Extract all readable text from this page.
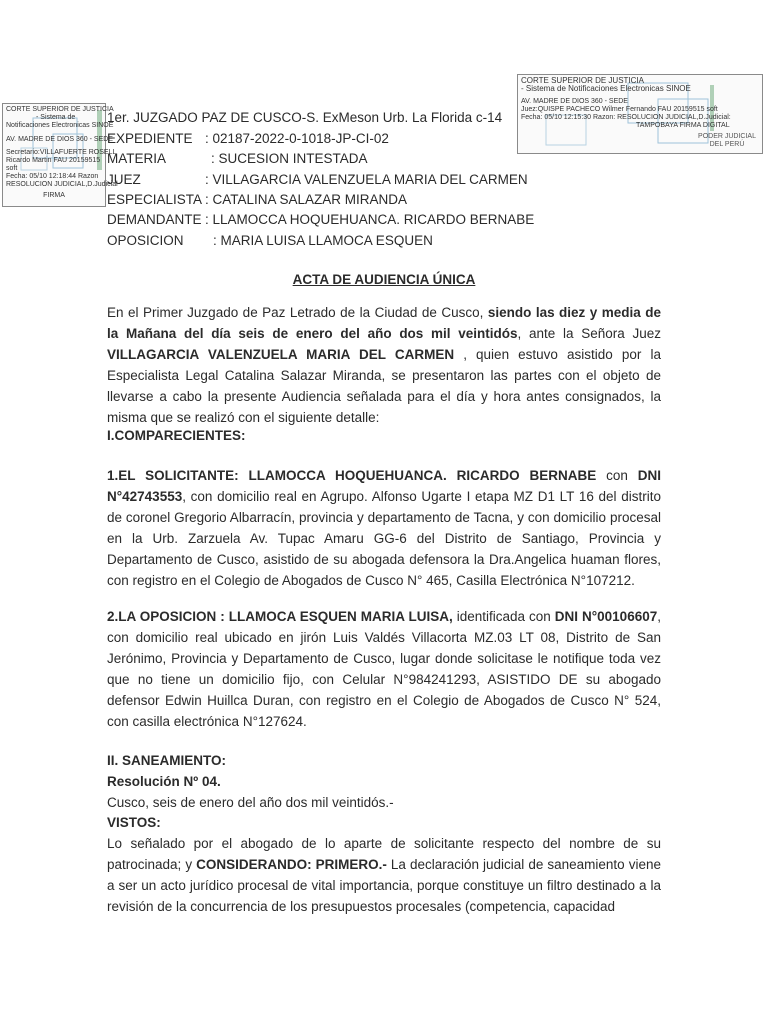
CORTE SUPERIOR DE JUSTICIA
- Sistema de
Notificaciones Electronicas SINOE
AV. MADRE DE DIOS 360 - SEDE
Secretario:VILLAFUERTE ROSELL
Ricardo Martin FAU 20159515
soft
Fecha: 05/10 12:18:44 Razon
RESOLUCION JUDICIAL,D.Judicial
FIRMA
CORTE SUPERIOR DE JUSTICIA
- Sistema de Notificaciones Electronicas SINOE
AV. MADRE DE DIOS 360 - SEDE
Juez:QUISPE PACHECO Wilmer Fernando FAU 20159515 soft
Fecha: 05/10 12:15:30 Razon: RESOLUCION JUDICIAL,D.Judicial:
TAMPOBAYA FIRMA DIGITAL
PODER JUDICIAL
DEL PERÚ
1er. JUZGADO PAZ DE CUSCO-S. ExMeson Urb. La Florida c-14
EXPEDIENTE : 02187-2022-0-1018-JP-CI-02
MATERIA	: SUCESION INTESTADA
JUEZ	: VILLAGARCIA VALENZUELA MARIA DEL CARMEN
ESPECIALISTA : CATALINA SALAZAR MIRANDA
DEMANDANTE : LLAMOCCA HOQUEHUANCA. RICARDO BERNABE
OPOSICION : MARIA LUISA LLAMOCA ESQUEN
ACTA DE AUDIENCIA ÚNICA
En el Primer Juzgado de Paz Letrado de la Ciudad de Cusco, siendo las diez y media de la Mañana del día seis de enero del año dos mil veintidós, ante la Señora Juez VILLAGARCIA VALENZUELA MARIA DEL CARMEN , quien estuvo asistido por la Especialista Legal Catalina Salazar Miranda, se presentaron las partes con el objeto de llevarse a cabo la presente Audiencia señalada para el día y hora antes consignados, la misma que se realizó con el siguiente detalle:
I.COMPARECIENTES:
1.EL SOLICITANTE: LLAMOCCA HOQUEHUANCA. RICARDO BERNABE con DNI N°42743553, con domicilio real en Agrupo. Alfonso Ugarte I etapa MZ D1 LT 16 del distrito de coronel Gregorio Albarracín, provincia y departamento de Tacna, y con domicilio procesal en la Urb. Zarzuela Av. Tupac Amaru GG-6 del Distrito de Santiago, Provincia y Departamento de Cusco, asistido de su abogada defensora la Dra.Angelica huaman flores, con registro en el Colegio de Abogados de Cusco N° 465, Casilla Electrónica N°107212.
2.LA OPOSICION : LLAMOCA ESQUEN MARIA LUISA, identificada con DNI N°00106607, con domicilio real ubicado en jirón Luis Valdés Villacorta MZ.03 LT 08, Distrito de San Jerónimo, Provincia y Departamento de Cusco, lugar donde solicitase le notifique toda vez que no tiene un domicilio fijo, con Celular N°984241293, ASISTIDO DE su abogado defensor Edwin Huillca Duran, con registro en el Colegio de Abogados de Cusco N° 524, con casilla electrónica N°127624.
II. SANEAMIENTO:
Resolución Nº 04.
Cusco, seis de enero del año dos mil veintidós.-
VISTOS:
Lo señalado por el abogado de lo aparte de solicitante respecto del nombre de su patrocinada; y CONSIDERANDO: PRIMERO.- La declaración judicial de saneamiento viene a ser un acto jurídico procesal de vital importancia, porque constituye un filtro destinado a la revisión de la concurrencia de los presupuestos procesales (competencia, capacidad
